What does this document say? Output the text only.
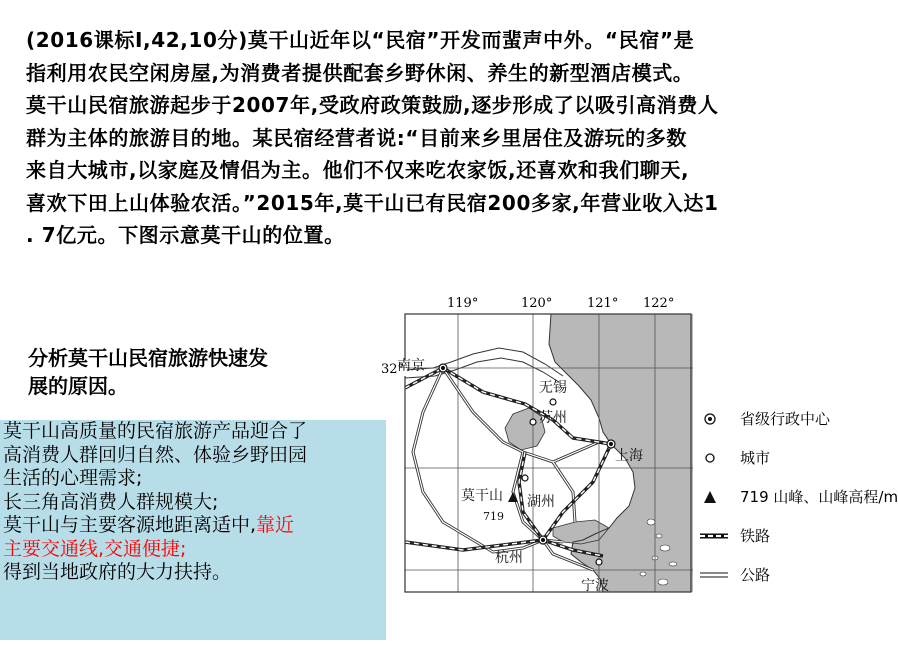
(2016课标Ⅰ,42,10分)莫干山近年以“民宿”开发而蜚声中外。“民宿”是
指利用农民空闲房屋,为消费者提供配套乡野休闲、养生的新型酒店模式。
莫干山民宿旅游起步于2007年,受政府政策鼓励,逐步形成了以吸引高消费人
群为主体的旅游目的地。某民宿经营者说:“目前来乡里居住及游玩的多数
来自大城市,以家庭及情侣为主。他们不仅来吃农家饭,还喜欢和我们聊天,
喜欢下田上山体验农活。”2015年,莫干山已有民宿200多家,年营业收入达1
. 7亿元。下图示意莫干山的位置。
分析莫干山民宿旅游快速发
展的原因。
莫干山高质量的民宿旅游产品迎合了
高消费人群回归自然、体验乡野田园
生活的心理需求;
长三角高消费人群规模大;
莫干山与主要客源地距离适中,靠近
主要交通线,交通便捷;
得到当地政府的大力扶持。
119°	120°	121° 122°
32°
南京
无锡
苏州
上海
莫干山
719
湖州
杭州
宁波
省级行政中心
城市
719 山峰、山峰高程/m
铁路
公路
